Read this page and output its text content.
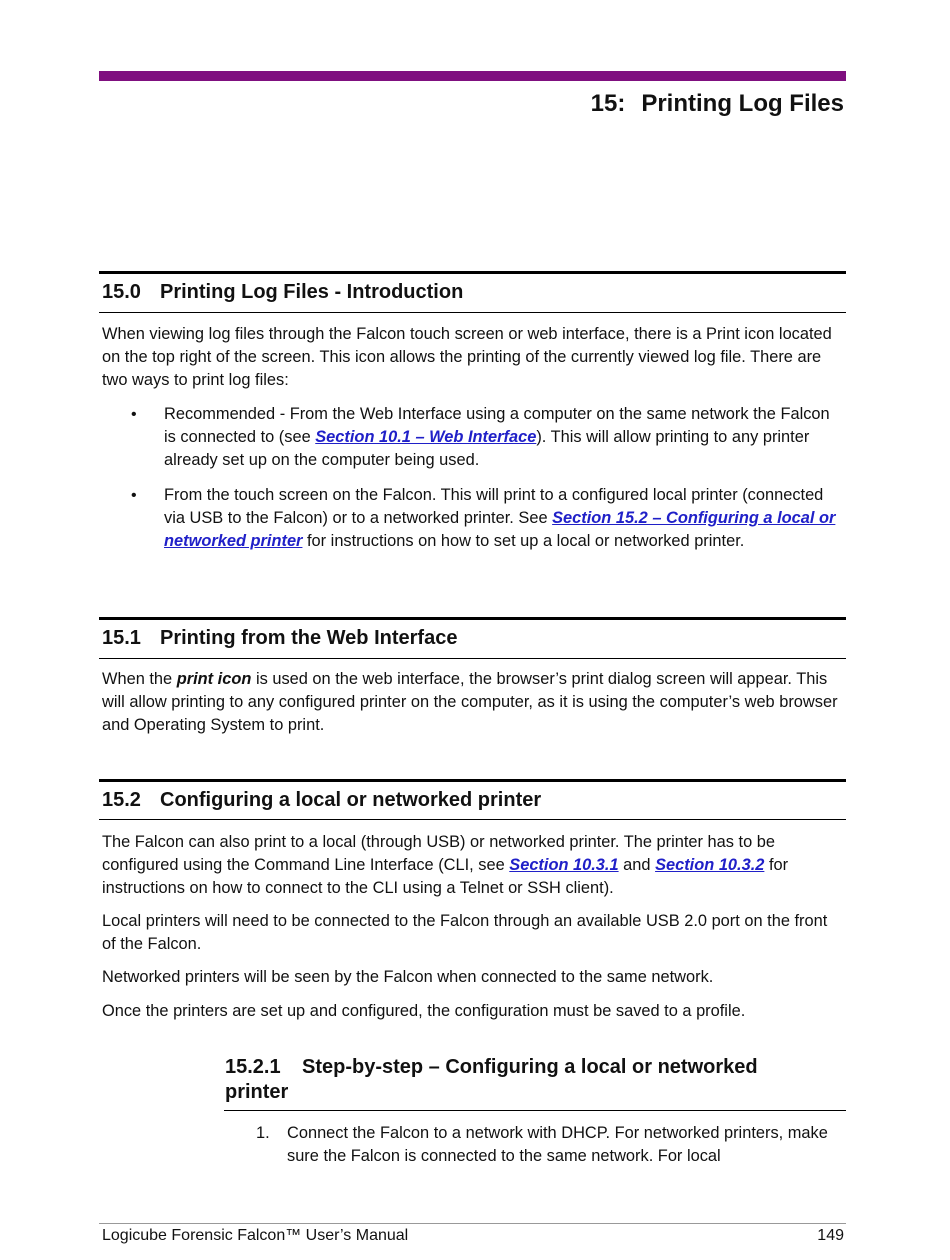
15: Printing Log Files
15.0 Printing Log Files - Introduction

When viewing log files through the Falcon touch screen or web interface, there is a Print icon located on the top right of the screen. This icon allows the printing of the currently viewed log file. There are two ways to print log files:

• Recommended - From the Web Interface using a computer on the same network the Falcon is connected to (see Section 10.1 – Web Interface). This will allow printing to any printer already set up on the computer being used.

• From the touch screen on the Falcon. This will print to a configured local printer (connected via USB to the Falcon) or to a networked printer. See Section 15.2 – Configuring a local or networked printer for instructions on how to set up a local or networked printer.

15.1 Printing from the Web Interface

When the print icon is used on the web interface, the browser’s print dialog screen will appear. This will allow printing to any configured printer on the computer, as it is using the computer’s web browser and Operating System to print.

15.2 Configuring a local or networked printer

The Falcon can also print to a local (through USB) or networked printer. The printer has to be configured using the Command Line Interface (CLI, see Section 10.3.1 and Section 10.3.2 for instructions on how to connect to the CLI using a Telnet or SSH client).

Local printers will need to be connected to the Falcon through an available USB 2.0 port on the front of the Falcon.

Networked printers will be seen by the Falcon when connected to the same network.

Once the printers are set up and configured, the configuration must be saved to a profile.

15.2.1 Step-by-step – Configuring a local or networked printer
1. Connect the Falcon to a network with DHCP. For networked printers, make sure the Falcon is connected to the same network. For local

Logicube Forensic Falcon™ User’s Manual	149
